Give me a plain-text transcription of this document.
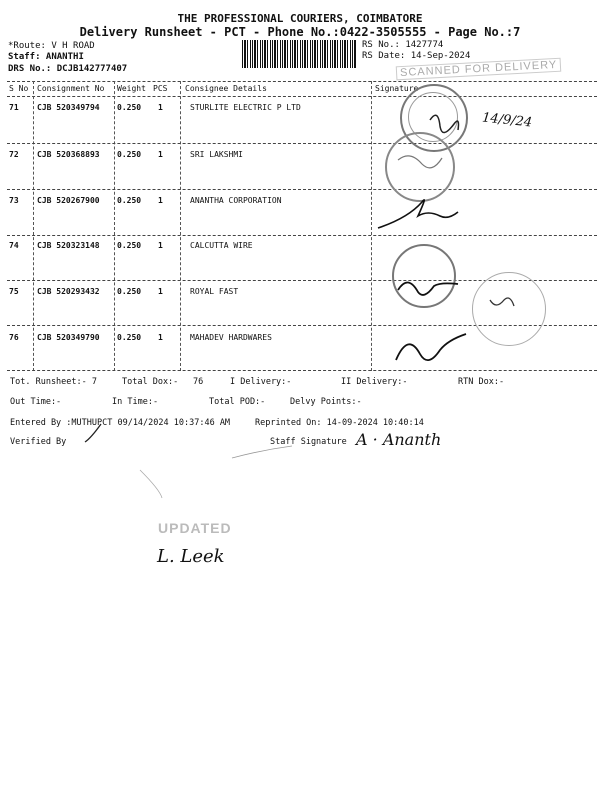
THE PROFESSIONAL COURIERS, COIMBATORE
Delivery Runsheet - PCT - Phone No.:0422-3505555 - Page No.:7
*Route: V H ROAD
Staff: ANANTHI
DRS No.: DCJB142777407
RS No.: 1427774
RS Date: 14-Sep-2024
SCANNED FOR DELIVERY
S No Consignment No Weight PCS Consignee Details	Signature
71 CJB 520349794 0.250 1	STURLITE ELECTRIC P LTD
14/9/24
72 CJB 520368893 0.250 1	SRI LAKSHMI
73 CJB 520267900 0.250 1	ANANTHA CORPORATION
74 CJB 520323148 0.250 1	CALCUTTA WIRE
75 CJB 520293432 0.250 1	ROYAL FAST
76 CJB 520349790 0.250 1	MAHADEV HARDWARES
Tot. Runsheet:- 7	Total Dox:- 76	I Delivery:-	II Delivery:-	RTN Dox:-
Out Time:-	In Time:-	Total POD:-	Delvy Points:-
Entered By :MUTHUPCT 09/14/2024 10:37:46 AM	Reprinted On: 14-09-2024 10:40:14
Verified By	Staff Signature A · Ananth
UPDATED
L. Leek
